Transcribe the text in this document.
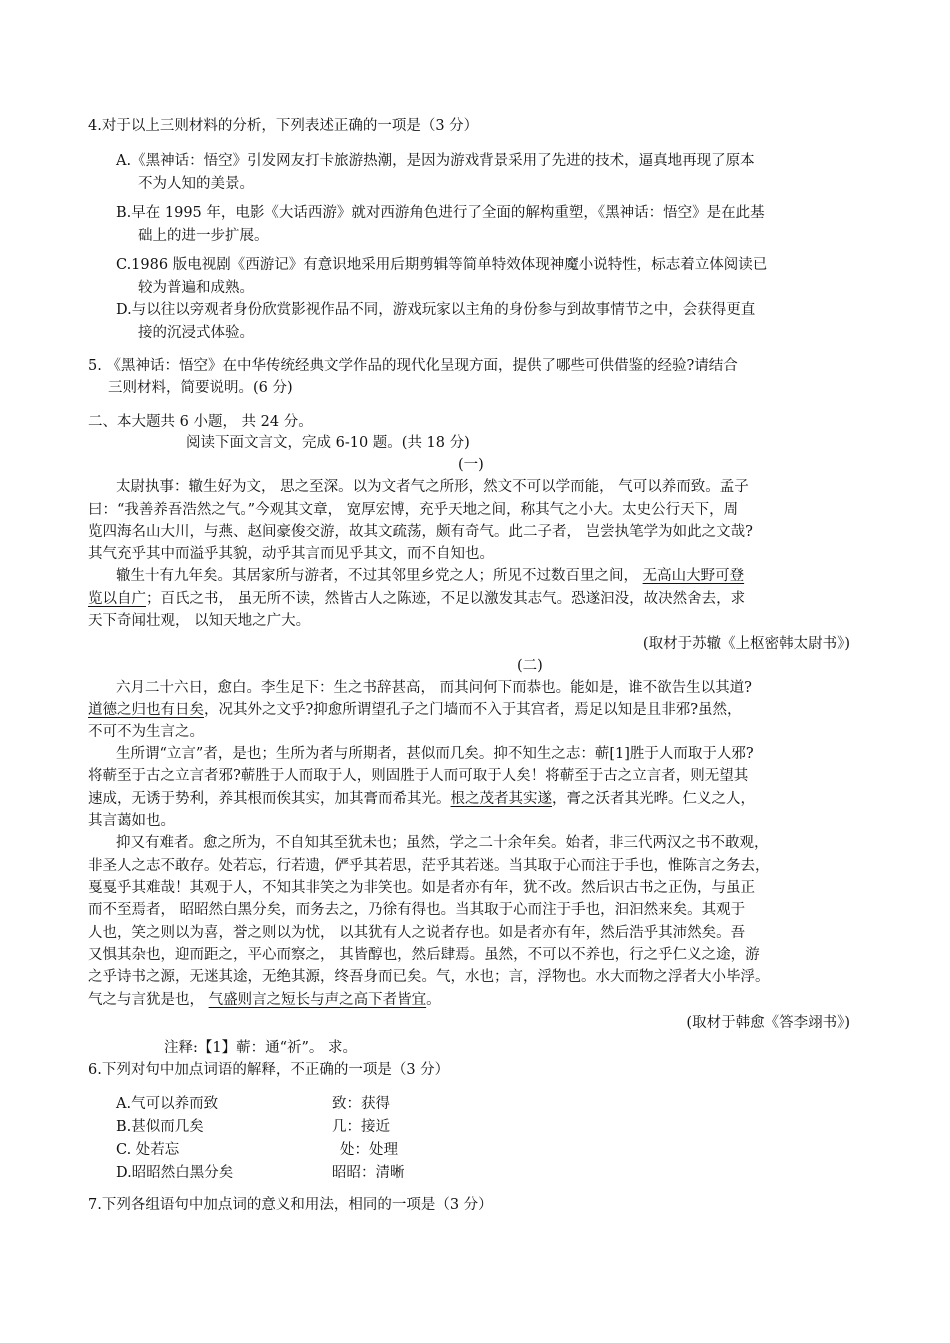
4.对于以上三则材料的分析，下列表述正确的一项是（3 分）
A.《黑神话：悟空》引发网友打卡旅游热潮，是因为游戏背景采用了先进的技术，逼真地再现了原本
不为人知的美景。
B.早在 1995 年，电影《大话西游》就对西游角色进行了全面的解构重塑，《黑神话：悟空》是在此基
础上的进一步扩展。
C.1986 版电视剧《西游记》有意识地采用后期剪辑等简单特效体现神魔小说特性，标志着立体阅读已
较为普遍和成熟。
D.与以往以旁观者身份欣赏影视作品不同，游戏玩家以主角的身份参与到故事情节之中，会获得更直
接的沉浸式体验。
5. 《黑神话：悟空》在中华传统经典文学作品的现代化呈现方面，提供了哪些可供借鉴的经验?请结合
三则材料，简要说明。(6 分)
二、本大题共 6 小题， 共 24 分。
阅读下面文言文，完成 6-10 题。(共 18 分)
(一)
太尉执事：辙生好为文， 思之至深。以为文者气之所形，然文不可以学而能， 气可以养而致。孟子
曰：“我善养吾浩然之气。”今观其文章， 宽厚宏博，充乎天地之间，称其气之小大。太史公行天下，周
览四海名山大川，与燕、赵间豪俊交游，故其文疏荡，颇有奇气。此二子者， 岂尝执笔学为如此之文哉?
其气充乎其中而溢乎其貌，动乎其言而见乎其文，而不自知也。
辙生十有九年矣。其居家所与游者，不过其邻里乡党之人；所见不过数百里之间， 无高山大野可登
览以自广；百氏之书， 虽无所不读，然皆古人之陈迹，不足以激发其志气。恐遂汩没，故决然舍去，求
天下奇闻壮观， 以知天地之广大。
(取材于苏辙《上枢密韩太尉书》)
(二)
六月二十六日，愈白。李生足下：生之书辞甚高， 而其问何下而恭也。能如是，谁不欲告生以其道?
道德之归也有日矣，况其外之文乎?抑愈所谓望孔子之门墙而不入于其宫者，焉足以知是且非邪?虽然，
不可不为生言之。
生所谓“立言”者，是也；生所为者与所期者，甚似而几矣。抑不知生之志：蕲[1]胜于人而取于人邪?
将蕲至于古之立言者邪?蕲胜于人而取于人，则固胜于人而可取于人矣！将蕲至于古之立言者，则无望其
速成，无诱于势利，养其根而俟其实，加其膏而希其光。根之茂者其实遂，膏之沃者其光晔。仁义之人，
其言蔼如也。
抑又有难者。愈之所为，不自知其至犹未也；虽然，学之二十余年矣。始者，非三代两汉之书不敢观，
非圣人之志不敢存。处若忘，行若遗，俨乎其若思，茫乎其若迷。当其取于心而注于手也，惟陈言之务去，
戛戛乎其难哉！其观于人，不知其非笑之为非笑也。如是者亦有年，犹不改。然后识古书之正伪，与虽正
而不至焉者， 昭昭然白黑分矣，而务去之，乃徐有得也。当其取于心而注于手也，汩汩然来矣。其观于
人也，笑之则以为喜，誉之则以为忧， 以其犹有人之说者存也。如是者亦有年，然后浩乎其沛然矣。吾
又惧其杂也，迎而距之，平心而察之， 其皆醇也，然后肆焉。虽然，不可以不养也，行之乎仁义之途，游
之乎诗书之源，无迷其途，无绝其源，终吾身而已矣。气，水也；言，浮物也。水大而物之浮者大小毕浮。
气之与言犹是也， 气盛则言之短长与声之高下者皆宜。
(取材于韩愈《答李翊书》)
注释:【1】蕲：通“祈”。 求。
6.下列对句中加点词语的解释，不正确的一项是（3 分）
A.气可以养而致	致：获得
B.甚似而几矣	几：接近
C. 处若忘	处：处理
D.昭昭然白黑分矣	昭昭：清晰
7.下列各组语句中加点词的意义和用法，相同的一项是（3 分）
